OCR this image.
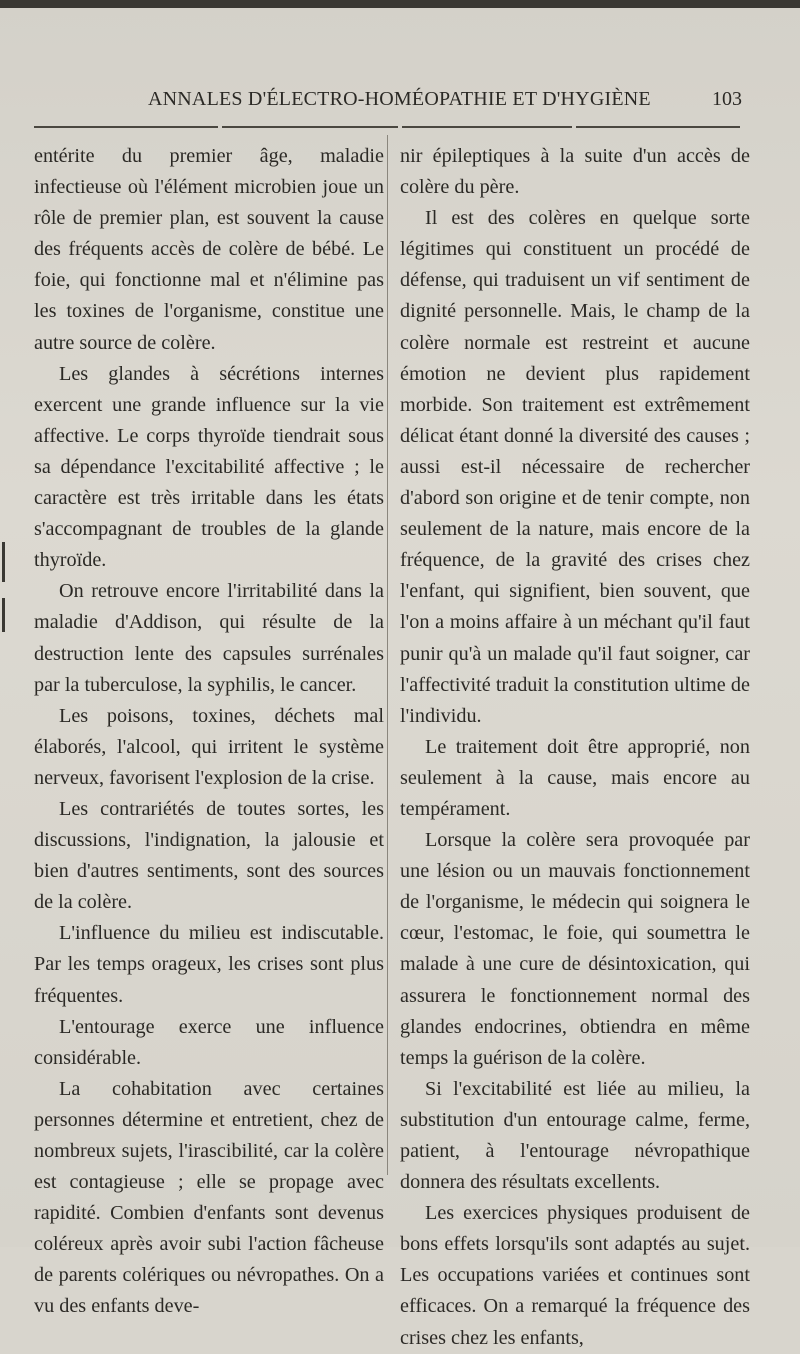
ANNALES D'ÉLECTRO-HOMÉOPATHIE ET D'HYGIÈNE	103

entérite du premier âge, maladie infectieuse où l'élément microbien joue un rôle de premier plan, est souvent la cause des fréquents accès de colère de bébé. Le foie, qui fonctionne mal et n'élimine pas les toxines de l'organisme, constitue une autre source de colère.

Les glandes à sécrétions internes exercent une grande influence sur la vie affective. Le corps thyroïde tiendrait sous sa dépendance l'excitabilité affective ; le caractère est très irritable dans les états s'accompagnant de troubles de la glande thyroïde.

On retrouve encore l'irritabilité dans la maladie d'Addison, qui résulte de la destruction lente des capsules surrénales par la tuberculose, la syphilis, le cancer.

Les poisons, toxines, déchets mal élaborés, l'alcool, qui irritent le système nerveux, favorisent l'explosion de la crise.

Les contrariétés de toutes sortes, les discussions, l'indignation, la jalousie et bien d'autres sentiments, sont des sources de la colère.

L'influence du milieu est indiscutable. Par les temps orageux, les crises sont plus fréquentes.

L'entourage exerce une influence considérable.

La cohabitation avec certaines personnes détermine et entretient, chez de nombreux sujets, l'irascibilité, car la colère est contagieuse ; elle se propage avec rapidité. Combien d'enfants sont devenus coléreux après avoir subi l'action fâcheuse de parents colériques ou névropathes. On a vu des enfants deve-

nir épileptiques à la suite d'un accès de colère du père.

Il est des colères en quelque sorte légitimes qui constituent un procédé de défense, qui traduisent un vif sentiment de dignité personnelle. Mais, le champ de la colère normale est restreint et aucune émotion ne devient plus rapidement morbide. Son traitement est extrêmement délicat étant donné la diversité des causes ; aussi est-il nécessaire de rechercher d'abord son origine et de tenir compte, non seulement de la nature, mais encore de la fréquence, de la gravité des crises chez l'enfant, qui signifient, bien souvent, que l'on a moins affaire à un méchant qu'il faut punir qu'à un malade qu'il faut soigner, car l'affectivité traduit la constitution ultime de l'individu.

Le traitement doit être approprié, non seulement à la cause, mais encore au tempérament.

Lorsque la colère sera provoquée par une lésion ou un mauvais fonctionnement de l'organisme, le médecin qui soignera le cœur, l'estomac, le foie, qui soumettra le malade à une cure de désintoxication, qui assurera le fonctionnement normal des glandes endocrines, obtiendra en même temps la guérison de la colère.

Si l'excitabilité est liée au milieu, la substitution d'un entourage calme, ferme, patient, à l'entourage névropathique donnera des résultats excellents.

Les exercices physiques produisent de bons effets lorsqu'ils sont adaptés au sujet. Les occupations variées et continues sont efficaces. On a remarqué la fréquence des crises chez les enfants,
